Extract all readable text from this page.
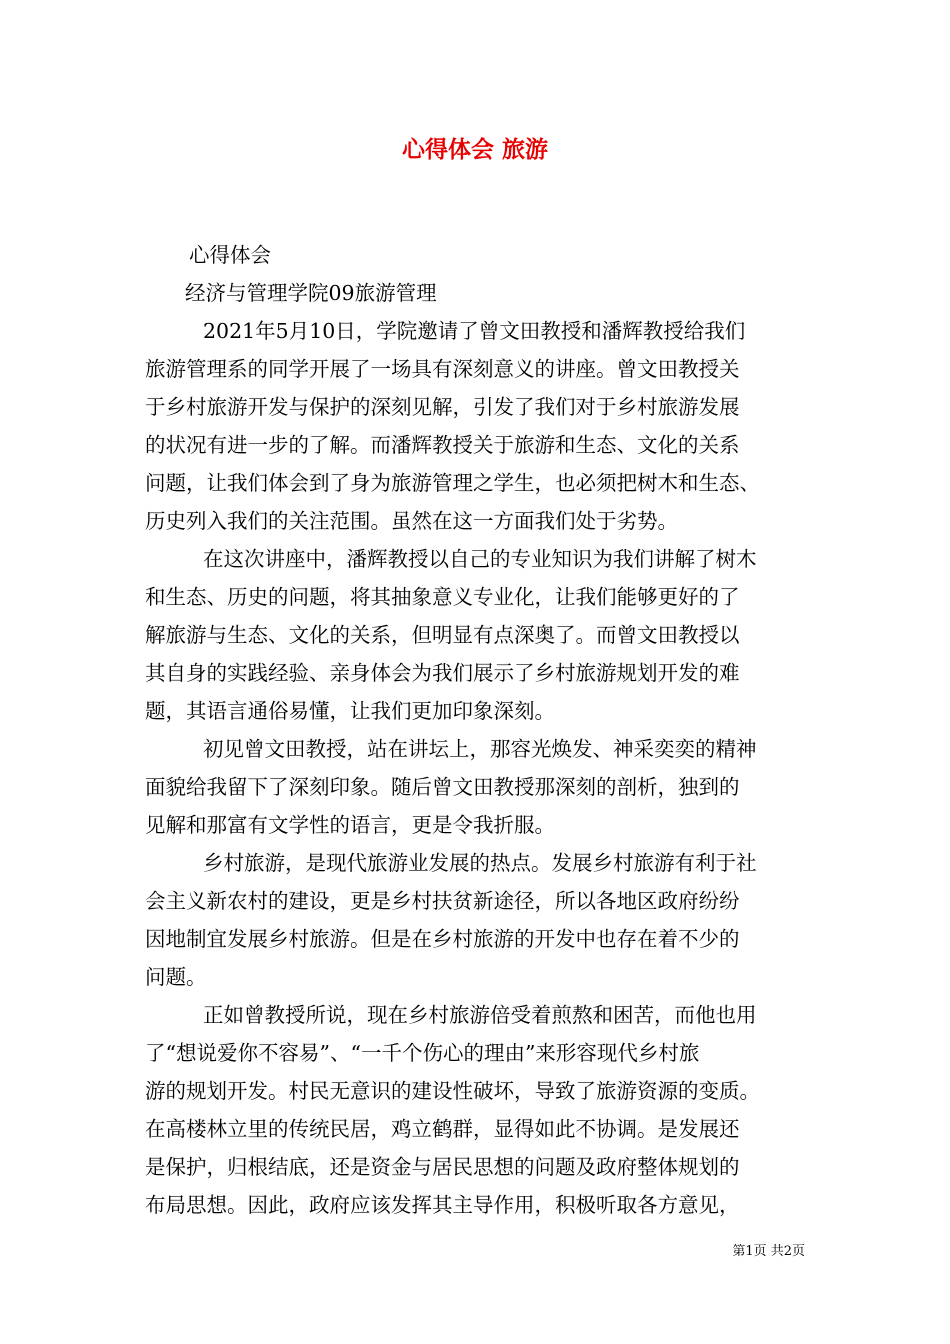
心得体会 旅游

心得体会

经济与管理学院09旅游管理

2021年5月10日，学院邀请了曾文田教授和潘辉教授给我们

旅游管理系的同学开展了一场具有深刻意义的讲座。曾文田教授关

于乡村旅游开发与保护的深刻见解，引发了我们对于乡村旅游发展

的状况有进一步的了解。而潘辉教授关于旅游和生态、文化的关系

问题，让我们体会到了身为旅游管理之学生，也必须把树木和生态、

历史列入我们的关注范围。虽然在这一方面我们处于劣势。

在这次讲座中，潘辉教授以自己的专业知识为我们讲解了树木

和生态、历史的问题，将其抽象意义专业化，让我们能够更好的了

解旅游与生态、文化的关系，但明显有点深奥了。而曾文田教授以

其自身的实践经验、亲身体会为我们展示了乡村旅游规划开发的难

题，其语言通俗易懂，让我们更加印象深刻。

初见曾文田教授，站在讲坛上，那容光焕发、神采奕奕的精神

面貌给我留下了深刻印象。随后曾文田教授那深刻的剖析，独到的

见解和那富有文学性的语言，更是令我折服。

乡村旅游，是现代旅游业发展的热点。发展乡村旅游有利于社

会主义新农村的建设，更是乡村扶贫新途径，所以各地区政府纷纷

因地制宜发展乡村旅游。但是在乡村旅游的开发中也存在着不少的

问题。

正如曾教授所说，现在乡村旅游倍受着煎熬和困苦，而他也用

了“想说爱你不容易”、“一千个伤心的理由”来形容现代乡村旅

游的规划开发。村民无意识的建设性破坏，导致了旅游资源的变质。

在高楼林立里的传统民居，鸡立鹤群，显得如此不协调。是发展还

是保护，归根结底，还是资金与居民思想的问题及政府整体规划的

布局思想。因此，政府应该发挥其主导作用，积极听取各方意见，

第1页 共2页
